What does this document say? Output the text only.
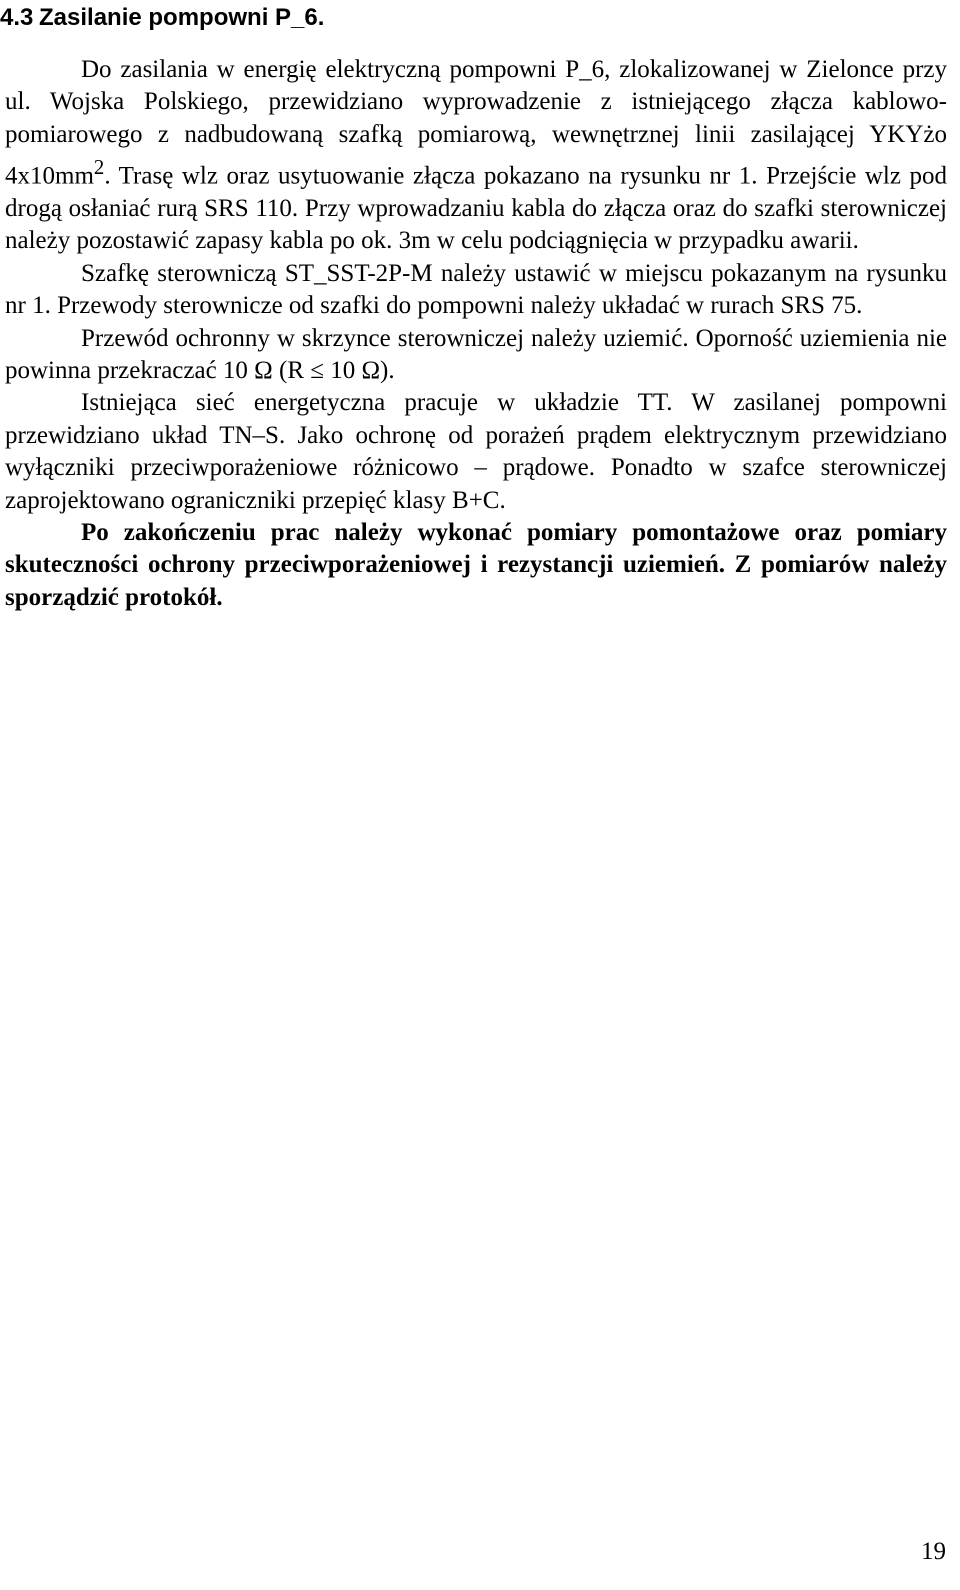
4.3 Zasilanie pompowni P_6.

Do zasilania w energię elektryczną pompowni P_6, zlokalizowanej w Zielonce przy ul. Wojska Polskiego, przewidziano wyprowadzenie z istniejącego złącza kablowo-pomiarowego z nadbudowaną szafką pomiarową, wewnętrznej linii zasilającej YKYżo $4x10mm^2$. Trasę wlz oraz usytuowanie złącza pokazano na rysunku nr 1. Przejście wlz pod drogą osłaniać rurą SRS 110. Przy wprowadzaniu kabla do złącza oraz do szafki sterowniczej należy pozostawić zapasy kabla po ok. 3m w celu podciągnięcia w przypadku awarii.

Szafkę sterowniczą ST_SST-2P-M należy ustawić w miejscu pokazanym na rysunku nr 1. Przewody sterownicze od szafki do pompowni należy układać w rurach SRS 75.

Przewód ochronny w skrzynce sterowniczej należy uziemić. Oporność uziemienia nie powinna przekraczać 10 Ω (R ≤ 10 Ω).

Istniejąca sieć energetyczna pracuje w układzie TT. W zasilanej pompowni przewidziano układ TN–S. Jako ochronę od porażeń prądem elektrycznym przewidziano wyłączniki przeciwporażeniowe różnicowo – prądowe. Ponadto w szafce sterowniczej zaprojektowano ograniczniki przepięć klasy B+C.

Po zakończeniu prac należy wykonać pomiary pomontażowe oraz pomiary skuteczności ochrony przeciwporażeniowej i rezystancji uziemień. Z pomiarów należy sporządzić protokół.

19
